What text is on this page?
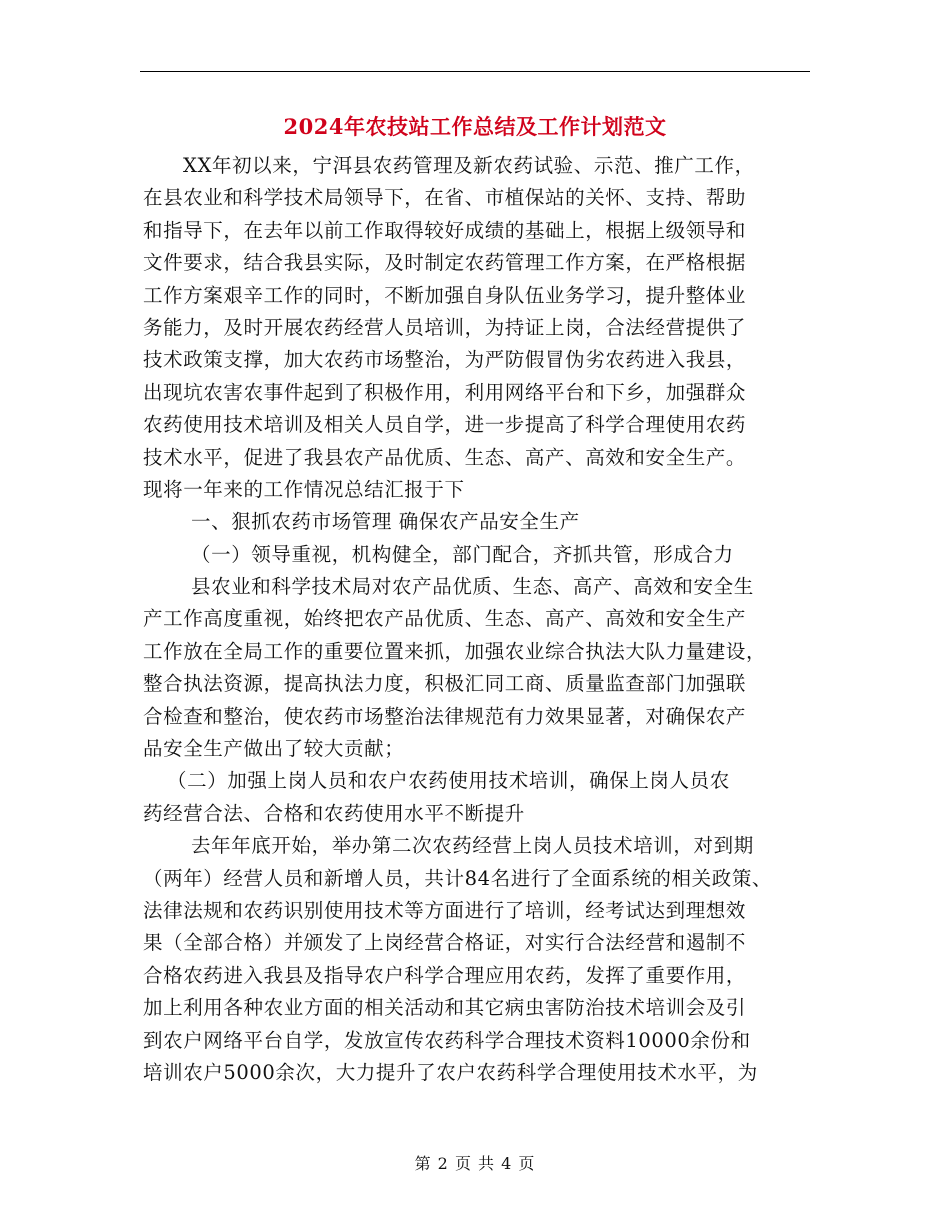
2024年农技站工作总结及工作计划范文
XX年初以来，宁洱县农药管理及新农药试验、示范、推广工作，
在县农业和科学技术局领导下，在省、市植保站的关怀、支持、帮助
和指导下，在去年以前工作取得较好成绩的基础上，根据上级领导和
文件要求，结合我县实际，及时制定农药管理工作方案，在严格根据
工作方案艰辛工作的同时，不断加强自身队伍业务学习，提升整体业
务能力，及时开展农药经营人员培训，为持证上岗，合法经营提供了
技术政策支撑，加大农药市场整治，为严防假冒伪劣农药进入我县，
出现坑农害农事件起到了积极作用，利用网络平台和下乡，加强群众
农药使用技术培训及相关人员自学，进一步提高了科学合理使用农药
技术水平，促进了我县农产品优质、生态、高产、高效和安全生产。
现将一年来的工作情况总结汇报于下
一、狠抓农药市场管理 确保农产品安全生产
（一）领导重视，机构健全，部门配合，齐抓共管，形成合力
县农业和科学技术局对农产品优质、生态、高产、高效和安全生
产工作高度重视，始终把农产品优质、生态、高产、高效和安全生产
工作放在全局工作的重要位置来抓，加强农业综合执法大队力量建设，
整合执法资源，提高执法力度，积极汇同工商、质量监查部门加强联
合检查和整治，使农药市场整治法律规范有力效果显著，对确保农产
品安全生产做出了较大贡献；
（二）加强上岗人员和农户农药使用技术培训，确保上岗人员农
药经营合法、合格和农药使用水平不断提升
去年年底开始，举办第二次农药经营上岗人员技术培训，对到期
（两年）经营人员和新增人员，共计84名进行了全面系统的相关政策、
法律法规和农药识别使用技术等方面进行了培训，经考试达到理想效
果（全部合格）并颁发了上岗经营合格证，对实行合法经营和遏制不
合格农药进入我县及指导农户科学合理应用农药，发挥了重要作用，
加上利用各种农业方面的相关活动和其它病虫害防治技术培训会及引
到农户网络平台自学，发放宣传农药科学合理技术资料10000余份和
培训农户5000余次，大力提升了农户农药科学合理使用技术水平，为
第 2 页 共 4 页
